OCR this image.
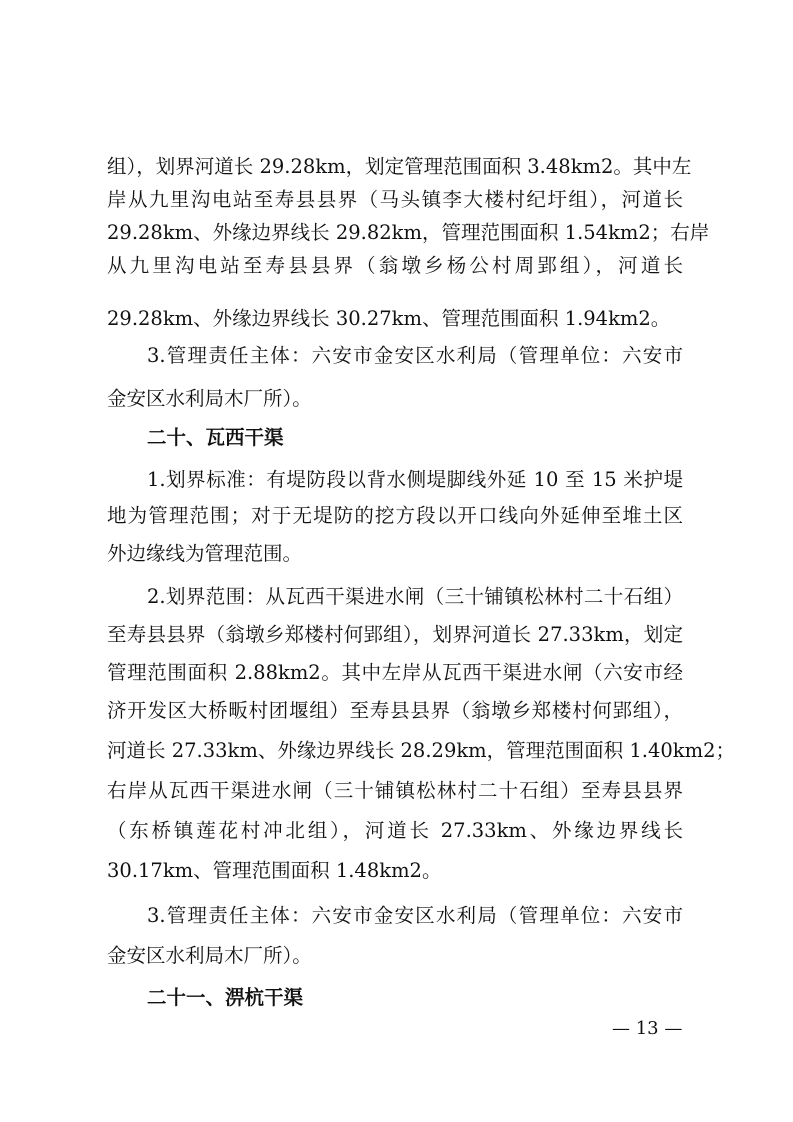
组），划界河道长 29.28km，划定管理范围面积 3.48km2。其中左
岸从九里沟电站至寿县县界（马头镇李大楼村纪圩组），河道长
29.28km、外缘边界线长 29.82km，管理范围面积 1.54km2；右岸
从九里沟电站至寿县县界（翁墩乡杨公村周郢组），河道长
29.28km、外缘边界线长 30.27km、管理范围面积 1.94km2。
3.管理责任主体：六安市金安区水利局（管理单位：六安市
金安区水利局木厂所）。
二十、瓦西干渠
1.划界标准：有堤防段以背水侧堤脚线外延 10 至 15 米护堤
地为管理范围；对于无堤防的挖方段以开口线向外延伸至堆土区
外边缘线为管理范围。
2.划界范围：从瓦西干渠进水闸（三十铺镇松林村二十石组）
至寿县县界（翁墩乡郑楼村何郢组），划界河道长 27.33km，划定
管理范围面积 2.88km2。其中左岸从瓦西干渠进水闸（六安市经
济开发区大桥畈村团堰组）至寿县县界（翁墩乡郑楼村何郢组），
河道长 27.33km、外缘边界线长 28.29km，管理范围面积 1.40km2；
右岸从瓦西干渠进水闸（三十铺镇松林村二十石组）至寿县县界
（东桥镇莲花村冲北组），河道长 27.33km、外缘边界线长
30.17km、管理范围面积 1.48km2。
3.管理责任主体：六安市金安区水利局（管理单位：六安市
金安区水利局木厂所）。
二十一、淠杭干渠
— 13 —
